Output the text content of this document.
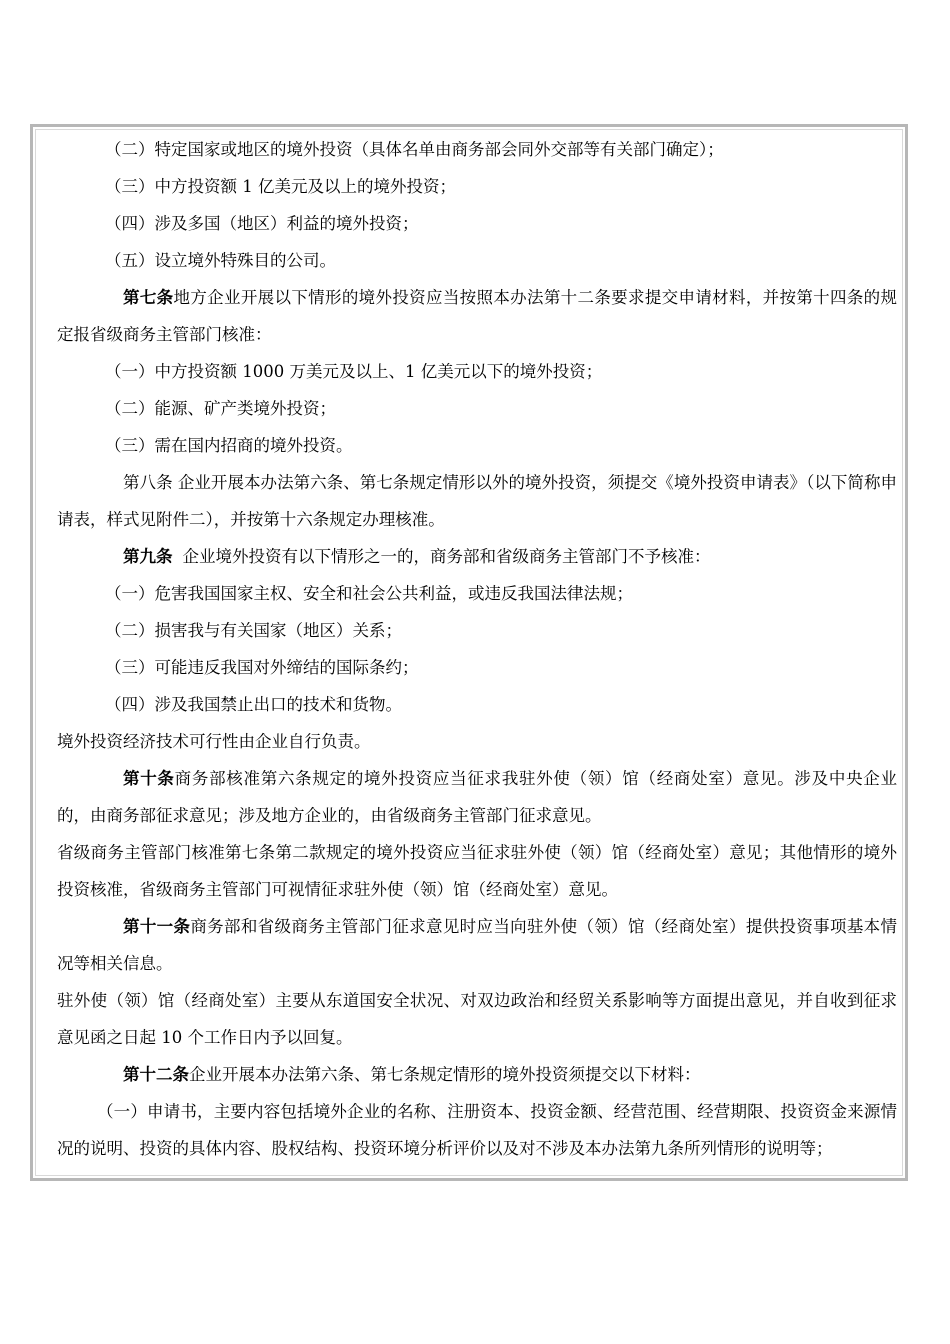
（二）特定国家或地区的境外投资（具体名单由商务部会同外交部等有关部门确定）；

（三）中方投资额 1 亿美元及以上的境外投资；

（四）涉及多国（地区）利益的境外投资；

（五）设立境外特殊目的公司。

第七条地方企业开展以下情形的境外投资应当按照本办法第十二条要求提交申请材料，并按第十四条的规定报省级商务主管部门核准：

（一）中方投资额 1000 万美元及以上、1 亿美元以下的境外投资；

（二）能源、矿产类境外投资；

（三）需在国内招商的境外投资。

第八条 企业开展本办法第六条、第七条规定情形以外的境外投资，须提交《境外投资申请表》（以下简称申请表，样式见附件二），并按第十六条规定办理核准。

第九条 企业境外投资有以下情形之一的，商务部和省级商务主管部门不予核准：

（一）危害我国国家主权、安全和社会公共利益，或违反我国法律法规；

（二）损害我与有关国家（地区）关系；

（三）可能违反我国对外缔结的国际条约；

（四）涉及我国禁止出口的技术和货物。

境外投资经济技术可行性由企业自行负责。

第十条商务部核准第六条规定的境外投资应当征求我驻外使（领）馆（经商处室）意见。涉及中央企业的，由商务部征求意见；涉及地方企业的，由省级商务主管部门征求意见。

省级商务主管部门核准第七条第二款规定的境外投资应当征求驻外使（领）馆（经商处室）意见；其他情形的境外投资核准，省级商务主管部门可视情征求驻外使（领）馆（经商处室）意见。

第十一条商务部和省级商务主管部门征求意见时应当向驻外使（领）馆（经商处室）提供投资事项基本情况等相关信息。

驻外使（领）馆（经商处室）主要从东道国安全状况、对双边政治和经贸关系影响等方面提出意见，并自收到征求意见函之日起 10 个工作日内予以回复。

第十二条企业开展本办法第六条、第七条规定情形的境外投资须提交以下材料：

（一）申请书，主要内容包括境外企业的名称、注册资本、投资金额、经营范围、经营期限、投资资金来源情况的说明、投资的具体内容、股权结构、投资环境分析评价以及对不涉及本办法第九条所列情形的说明等；
